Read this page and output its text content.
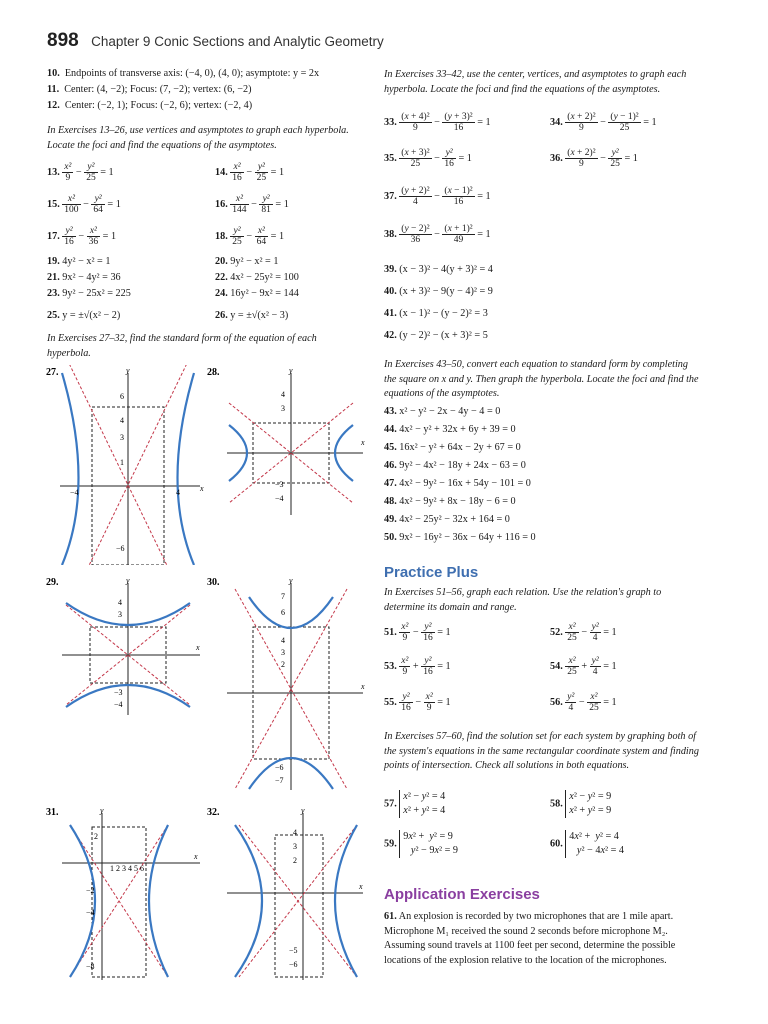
898 Chapter 9 Conic Sections and Analytic Geometry
10. Endpoints of transverse axis: (−4, 0), (4, 0); asymptote: y = 2x
11. Center: (4, −2); Focus: (7, −2); vertex: (6, −2)
12. Center: (−2, 1); Focus: (−2, 6); vertex: (−2, 4)
In Exercises 13–26, use vertices and asymptotes to graph each hyperbola. Locate the foci and find the equations of the asymptotes.
13. $\frac{\text{x²}}{9} - \frac{\text{y²}}{25} = 1$	14. $\frac{\text{x²}}{16} - \frac{\text{y²}}{25} = 1$
15. $\frac{\text{x²}}{100} - \frac{\text{y²}}{64} = 1$	16. $\frac{\text{x²}}{144} - \frac{\text{y²}}{81} = 1$
17. $\frac{\text{y²}}{16} - \frac{\text{x²}}{36} = 1$	18. $\frac{\text{y²}}{25} - \frac{\text{x²}}{64} = 1$
19. 4y² − x² = 1	20. 9y² − x² = 1
21. 9x² − 4y² = 36	22. 4x² − 25y² = 100
23. 9y² − 25x² = 225	24. 16y² − 9x² = 144
25. y = ±√(x² − 2)	26. y = ±√(x² − 3)
In Exercises 27–32, find the standard form of the equation of each hyperbola.
27.	y
x
6
4
3
1
−4	4
−6
28.	y
x
4
3
−3
−4
29.	y
x
4
3
−3
−4
30.	y
x
7
6
4
3
2
−6
−7
31.	y
x
2
1 2 3 4 5 6
−2
−4
−8
32.	y
x
4
3
2
−5
−6
In Exercises 33–42, use the center, vertices, and asymptotes to graph each hyperbola. Locate the foci and find the equations of the asymptotes.
33. $\frac{\text{(x + 4)²}}{9} - \frac{\text{(y + 3)²}}{16} = 1$	34. $\frac{\text{(x + 2)²}}{9} - \frac{\text{(y − 1)²}}{25} = 1$
35. $\frac{\text{(x + 3)²}}{25} - \frac{\text{y²}}{16} = 1$	36. $\frac{\text{(x + 2)²}}{9} - \frac{\text{y²}}{25} = 1$
37. $\frac{\text{(y + 2)²}}{4} - \frac{\text{(x − 1)²}}{16} = 1$
38. $\frac{\text{(y − 2)²}}{36} - \frac{\text{(x + 1)²}}{49} = 1$
39. (x − 3)² − 4(y + 3)² = 4
40. (x + 3)² − 9(y − 4)² = 9
41. (x − 1)² − (y − 2)² = 3
42. (y − 2)² − (x + 3)² = 5
In Exercises 43–50, convert each equation to standard form by completing the square on x and y. Then graph the hyperbola. Locate the foci and find the equations of the asymptotes.
43. x² − y² − 2x − 4y − 4 = 0
44. 4x² − y² + 32x + 6y + 39 = 0
45. 16x² − y² + 64x − 2y + 67 = 0
46. 9y² − 4x² − 18y + 24x − 63 = 0
47. 4x² − 9y² − 16x + 54y − 101 = 0
48. 4x² − 9y² + 8x − 18y − 6 = 0
49. 4x² − 25y² − 32x + 164 = 0
50. 9x² − 16y² − 36x − 64y + 116 = 0
Practice Plus
In Exercises 51–56, graph each relation. Use the relation's graph to determine its domain and range.
51. $\frac{\text{x²}}{9} - \frac{\text{y²}}{16} = 1$	52. $\frac{\text{x²}}{25} - \frac{\text{y²}}{4} = 1$
53. $\frac{\text{x²}}{9} + \frac{\text{y²}}{16} = 1$	54. $\frac{\text{x²}}{25} + \frac{\text{y²}}{4} = 1$
55. $\frac{\text{y²}}{16} - \frac{\text{x²}}{9} = 1$	56. $\frac{\text{y²}}{4} - \frac{\text{x²}}{25} = 1$
In Exercises 57–60, find the solution set for each system by graphing both of the system's equations in the same rectangular coordinate system and finding points of intersection. Check all solutions in both equations.
57. x² − y² = 4
x² + y² = 4
58. x² − y² = 9
x² + y² = 9
59. 9x² +  y² = 9
y² − 9x² = 9
60. 4x² +  y² = 4
y² − 4x² = 4
Application Exercises
61. An explosion is recorded by two microphones that are 1 mile apart. Microphone M₁ received the sound 2 seconds before microphone M₂. Assuming sound travels at 1100 feet per second, determine the possible locations of the explosion relative to the location of the microphones.
